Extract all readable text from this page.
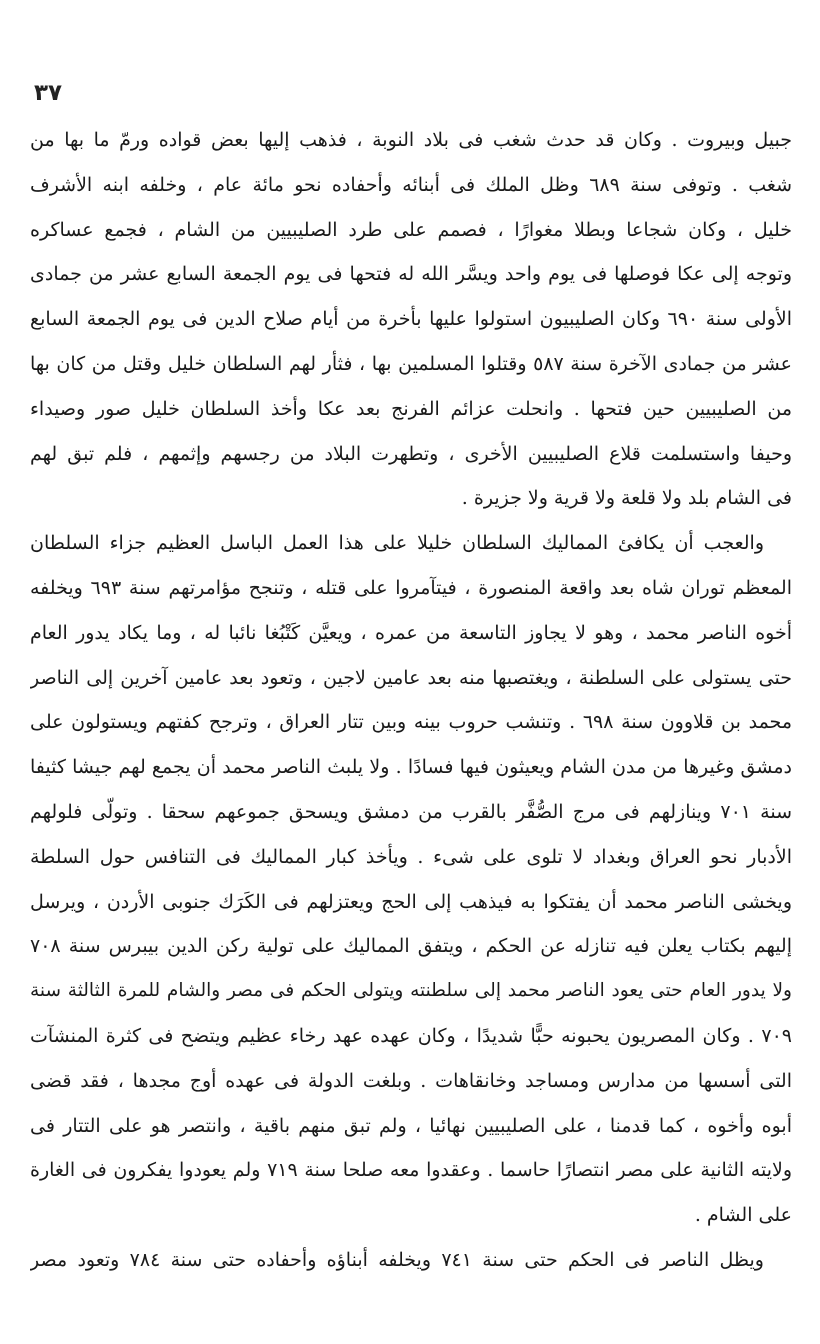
٣٧
جبيل وبيروت . وكان قد حدث شغب فى بلاد النوبة ، فذهب إليها بعض قواده ورمّ ما بها من
شغب . وتوفى سنة ٦٨٩ وظل الملك فى أبنائه وأحفاده نحو مائة عام ، وخلفه ابنه الأشرف
خليل ، وكان شجاعا وبطلا مغوارًا ، فصمم على طرد الصليبيين من الشام ، فجمع عساكره
وتوجه إلى عكا فوصلها فى يوم واحد ويسَّر الله له فتحها فى يوم الجمعة السابع عشر من جمادى
الأولى سنة ٦٩٠ وكان الصليبيون استولوا عليها بأخرة من أيام صلاح الدين فى يوم الجمعة السابع
عشر من جمادى الآخرة سنة ٥٨٧ وقتلوا المسلمين بها ، فثأر لهم السلطان خليل وقتل من كان بها
من الصليبيين حين فتحها . وانحلت عزائم الفرنج بعد عكا وأخذ السلطان خليل صور وصيداء
وحيفا واستسلمت قلاع الصليبيين الأخرى ، وتطهرت البلاد من رجسهم وإثمهم ، فلم تبق لهم
فى الشام بلد ولا قلعة ولا قرية ولا جزيرة .
والعجب أن يكافئ المماليك السلطان خليلا على هذا العمل الباسل العظيم جزاء السلطان
المعظم توران شاه بعد واقعة المنصورة ، فيتآمروا على قتله ، وتنجح مؤامرتهم سنة ٦٩٣ ويخلفه
أخوه الناصر محمد ، وهو لا يجاوز التاسعة من عمره ، ويعيَّن كَتْبُغا نائبا له ، وما يكاد يدور العام
حتى يستولى على السلطنة ، ويغتصبها منه بعد عامين لاجين ، وتعود بعد عامين آخرين إلى الناصر
محمد بن قلاوون سنة ٦٩٨ . وتنشب حروب بينه وبين تتار العراق ، وترجح كفتهم ويستولون على
دمشق وغيرها من مدن الشام ويعيثون فيها فسادًا . ولا يلبث الناصر محمد أن يجمع لهم جيشا كثيفا
سنة ٧٠١ وينازلهم فى مرج الصُّفَّر بالقرب من دمشق ويسحق جموعهم سحقا . وتولّى فلولهم
الأدبار نحو العراق وبغداد لا تلوى على شىء . ويأخذ كبار المماليك فى التنافس حول السلطة
ويخشى الناصر محمد أن يفتكوا به فيذهب إلى الحج ويعتزلهم فى الكَرَك جنوبى الأردن ، ويرسل
إليهم بكتاب يعلن فيه تنازله عن الحكم ، ويتفق المماليك على تولية ركن الدين بيبرس سنة ٧٠٨
ولا يدور العام حتى يعود الناصر محمد إلى سلطنته ويتولى الحكم فى مصر والشام للمرة الثالثة سنة
٧٠٩ . وكان المصريون يحبونه حبًّا شديدًا ، وكان عهده عهد رخاء عظيم ويتضح فى كثرة المنشآت
التى أسسها من مدارس ومساجد وخانقاهات . وبلغت الدولة فى عهده أوج مجدها ، فقد قضى
أبوه وأخوه ، كما قدمنا ، على الصليبيين نهائيا ، ولم تبق منهم باقية ، وانتصر هو على التتار فى
ولايته الثانية على مصر انتصارًا حاسما . وعقدوا معه صلحا سنة ٧١٩ ولم يعودوا يفكرون فى الغارة
على الشام .
ويظل الناصر فى الحكم حتى سنة ٧٤١ ويخلفه أبناؤه وأحفاده حتى سنة ٧٨٤ وتعود مصر
